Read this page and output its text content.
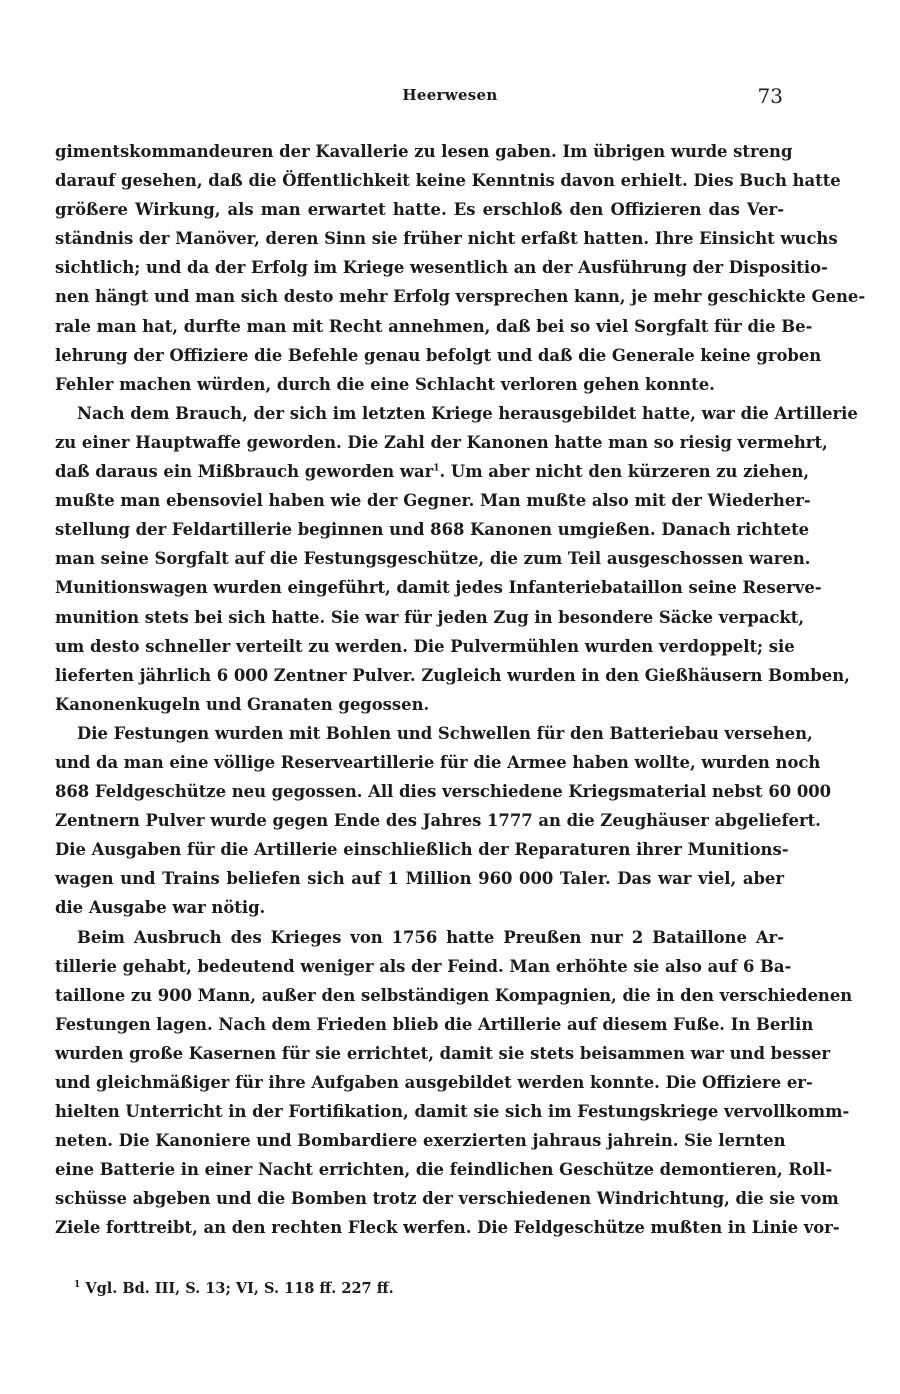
Heerwesen	73
gimentskommandeuren der Kavallerie zu lesen gaben. Im übrigen wurde streng
darauf gesehen, daß die Öffentlichkeit keine Kenntnis davon erhielt. Dies Buch hatte
größere Wirkung, als man erwartet hatte. Es erschloß den Offizieren das Ver-
ständnis der Manöver, deren Sinn sie früher nicht erfaßt hatten. Ihre Einsicht wuchs
sichtlich; und da der Erfolg im Kriege wesentlich an der Ausführung der Dispositio-
nen hängt und man sich desto mehr Erfolg versprechen kann, je mehr geschickte Gene-
rale man hat, durfte man mit Recht annehmen, daß bei so viel Sorgfalt für die Be-
lehrung der Offiziere die Befehle genau befolgt und daß die Generale keine groben
Fehler machen würden, durch die eine Schlacht verloren gehen konnte.
Nach dem Brauch, der sich im letzten Kriege herausgebildet hatte, war die Artillerie
zu einer Hauptwaffe geworden. Die Zahl der Kanonen hatte man so riesig vermehrt,
daß daraus ein Mißbrauch geworden war$^1$. Um aber nicht den kürzeren zu ziehen,
mußte man ebensoviel haben wie der Gegner. Man mußte also mit der Wiederher-
stellung der Feldartillerie beginnen und 868 Kanonen umgießen. Danach richtete
man seine Sorgfalt auf die Festungsgeschütze, die zum Teil ausgeschossen waren.
Munitionswagen wurden eingeführt, damit jedes Infanteriebataillon seine Reserve-
munition stets bei sich hatte. Sie war für jeden Zug in besondere Säcke verpackt,
um desto schneller verteilt zu werden. Die Pulvermühlen wurden verdoppelt; sie
lieferten jährlich 6 000 Zentner Pulver. Zugleich wurden in den Gießhäusern Bomben,
Kanonenkugeln und Granaten gegossen.
Die Festungen wurden mit Bohlen und Schwellen für den Batteriebau versehen,
und da man eine völlige Reserveartillerie für die Armee haben wollte, wurden noch
868 Feldgeschütze neu gegossen. All dies verschiedene Kriegsmaterial nebst 60 000
Zentnern Pulver wurde gegen Ende des Jahres 1777 an die Zeughäuser abgeliefert.
Die Ausgaben für die Artillerie einschließlich der Reparaturen ihrer Munitions-
wagen und Trains beliefen sich auf 1 Million 960 000 Taler. Das war viel, aber
die Ausgabe war nötig.
Beim Ausbruch des Krieges von 1756 hatte Preußen nur 2 Bataillone Ar-
tillerie gehabt, bedeutend weniger als der Feind. Man erhöhte sie also auf 6 Ba-
taillone zu 900 Mann, außer den selbständigen Kompagnien, die in den verschiedenen
Festungen lagen. Nach dem Frieden blieb die Artillerie auf diesem Fuße. In Berlin
wurden große Kasernen für sie errichtet, damit sie stets beisammen war und besser
und gleichmäßiger für ihre Aufgaben ausgebildet werden konnte. Die Offiziere er-
hielten Unterricht in der Fortifikation, damit sie sich im Festungskriege vervollkomm-
neten. Die Kanoniere und Bombardiere exerzierten jahraus jahrein. Sie lernten
eine Batterie in einer Nacht errichten, die feindlichen Geschütze demontieren, Roll-
schüsse abgeben und die Bomben trotz der verschiedenen Windrichtung, die sie vom
Ziele forttreibt, an den rechten Fleck werfen. Die Feldgeschütze mußten in Linie vor-
$^1$ Vgl. Bd. III, S. 13; VI, S. 118 ff. 227 ff.
